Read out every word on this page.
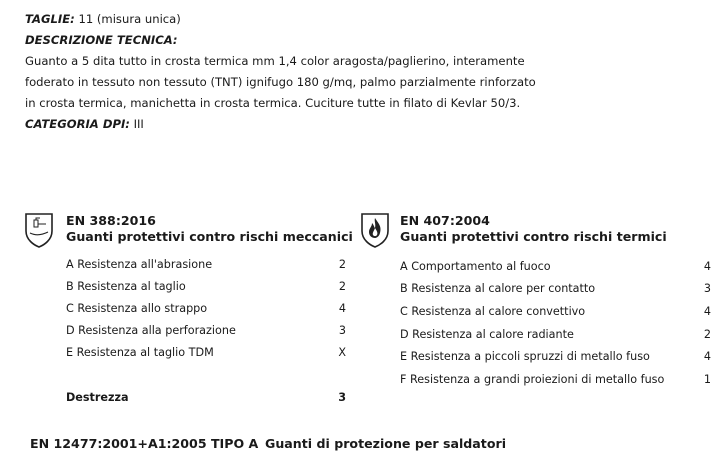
TAGLIE: 11 (misura unica)
DESCRIZIONE TECNICA:
Guanto a 5 dita tutto in crosta termica mm 1,4 color aragosta/paglierino, interamente
foderato in tessuto non tessuto (TNT) ignifugo 180 g/mq, palmo parzialmente rinforzato
in crosta termica, manichetta in crosta termica. Cuciture tutte in filato di Kevlar 50/3.
CATEGORIA DPI: III
EN 388:2016
Guanti protettivi contro rischi meccanici
A Resistenza all'abrasione	2
B Resistenza al taglio	2
C Resistenza allo strappo	4
D Resistenza alla perforazione	3
E Resistenza al taglio TDM	X
Destrezza	3
EN 407:2004
Guanti protettivi contro rischi termici
A Comportamento al fuoco	4
B Resistenza al calore per contatto	3
C Resistenza al calore convettivo	4
D Resistenza al calore radiante	2
E Resistenza a piccoli spruzzi di metallo fuso	4
F Resistenza a grandi proiezioni di metallo fuso	1
EN 12477:2001+A1:2005 TIPO A Guanti di protezione per saldatori
